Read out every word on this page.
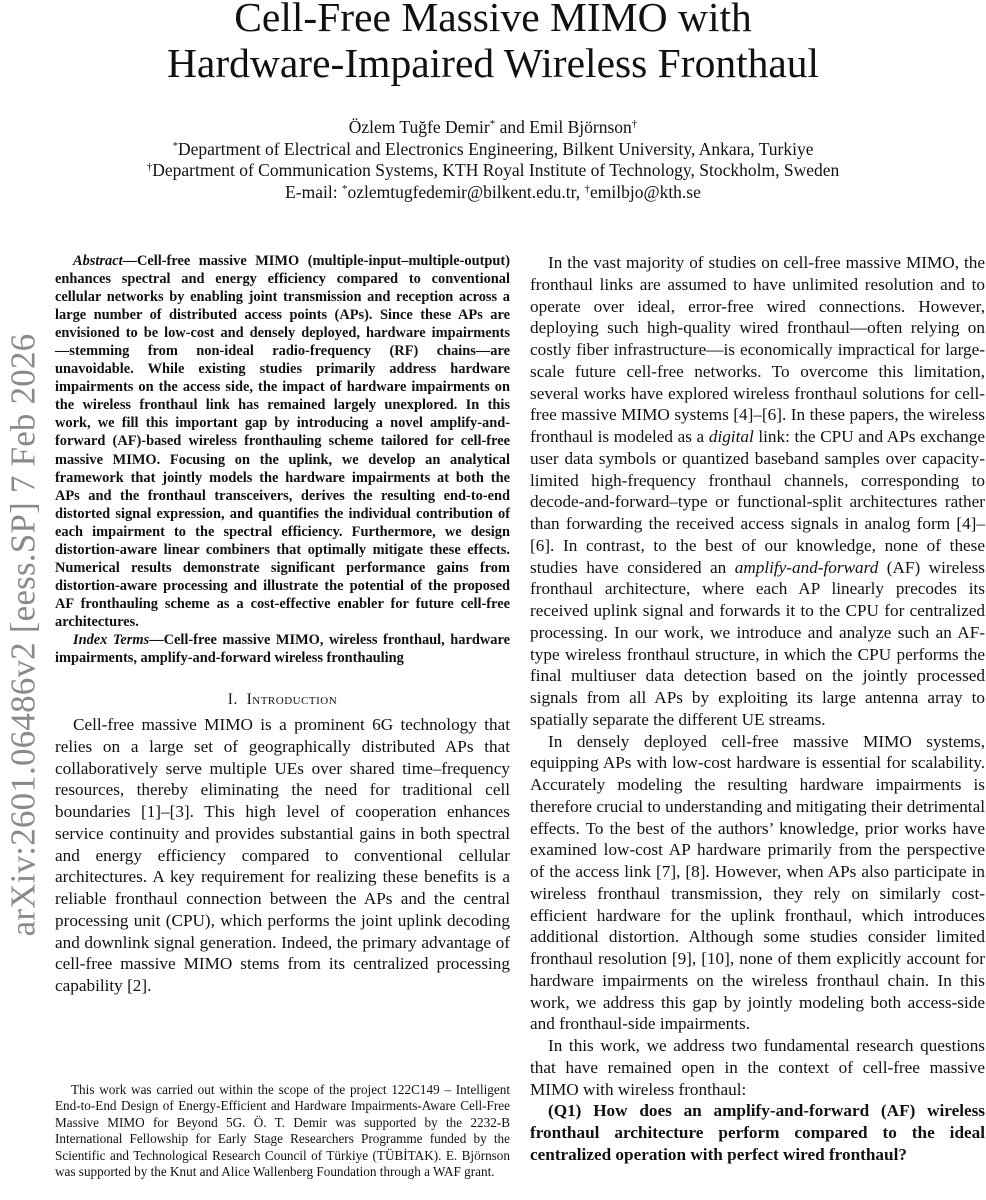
arXiv:2601.06486v2 [eess.SP] 7 Feb 2026
Cell-Free Massive MIMO with
Hardware-Impaired Wireless Fronthaul
Özlem Tuğfe Demir* and Emil Björnson†
*Department of Electrical and Electronics Engineering, Bilkent University, Ankara, Turkiye
†Department of Communication Systems, KTH Royal Institute of Technology, Stockholm, Sweden
E-mail: *ozlemtugfedemir@bilkent.edu.tr, †emilbjo@kth.se

Abstract—Cell-free massive MIMO (multiple-input–multiple-output) enhances spectral and energy efficiency compared to conventional cellular networks by enabling joint transmission and reception across a large number of distributed access points (APs). Since these APs are envisioned to be low-cost and densely deployed, hardware impairments—stemming from non-ideal radio-frequency (RF) chains—are unavoidable. While existing studies primarily address hardware impairments on the access side, the impact of hardware impairments on the wireless fronthaul link has remained largely unexplored. In this work, we fill this important gap by introducing a novel amplify-and-forward (AF)-based wireless fronthauling scheme tailored for cell-free massive MIMO. Focusing on the uplink, we develop an analytical framework that jointly models the hardware impairments at both the APs and the fronthaul transceivers, derives the resulting end-to-end distorted signal expression, and quantifies the individual contribution of each impairment to the spectral efficiency. Furthermore, we design distortion-aware linear combiners that optimally mitigate these effects. Numerical results demonstrate significant performance gains from distortion-aware processing and illustrate the potential of the proposed AF fronthauling scheme as a cost-effective enabler for future cell-free architectures.

Index Terms—Cell-free massive MIMO, wireless fronthaul, hardware impairments, amplify-and-forward wireless fronthauling

I. Introduction

Cell-free massive MIMO is a prominent 6G technology that relies on a large set of geographically distributed APs that collaboratively serve multiple UEs over shared time–frequency resources, thereby eliminating the need for traditional cell boundaries [1]–[3]. This high level of cooperation enhances service continuity and provides substantial gains in both spectral and energy efficiency compared to conventional cellular architectures. A key requirement for realizing these benefits is a reliable fronthaul connection between the APs and the central processing unit (CPU), which performs the joint uplink decoding and downlink signal generation. Indeed, the primary advantage of cell-free massive MIMO stems from its centralized processing capability [2].

This work was carried out within the scope of the project 122C149 – Intelligent End-to-End Design of Energy-Efficient and Hardware Impairments-Aware Cell-Free Massive MIMO for Beyond 5G. Ö. T. Demir was supported by the 2232-B International Fellowship for Early Stage Researchers Programme funded by the Scientific and Technological Research Council of Türkiye (TÜBİTAK). E. Björnson was supported by the Knut and Alice Wallenberg Foundation through a WAF grant.

In the vast majority of studies on cell-free massive MIMO, the fronthaul links are assumed to have unlimited resolution and to operate over ideal, error-free wired connections. However, deploying such high-quality wired fronthaul—often relying on costly fiber infrastructure—is economically impractical for large-scale future cell-free networks. To overcome this limitation, several works have explored wireless fronthaul solutions for cell-free massive MIMO systems [4]–[6]. In these papers, the wireless fronthaul is modeled as a digital link: the CPU and APs exchange user data symbols or quantized baseband samples over capacity-limited high-frequency fronthaul channels, corresponding to decode-and-forward–type or functional-split architectures rather than forwarding the received access signals in analog form [4]–[6]. In contrast, to the best of our knowledge, none of these studies have considered an amplify-and-forward (AF) wireless fronthaul architecture, where each AP linearly precodes its received uplink signal and forwards it to the CPU for centralized processing. In our work, we introduce and analyze such an AF-type wireless fronthaul structure, in which the CPU performs the final multiuser data detection based on the jointly processed signals from all APs by exploiting its large antenna array to spatially separate the different UE streams.

In densely deployed cell-free massive MIMO systems, equipping APs with low-cost hardware is essential for scalability. Accurately modeling the resulting hardware impairments is therefore crucial to understanding and mitigating their detrimental effects. To the best of the authors’ knowledge, prior works have examined low-cost AP hardware primarily from the perspective of the access link [7], [8]. However, when APs also participate in wireless fronthaul transmission, they rely on similarly cost-efficient hardware for the uplink fronthaul, which introduces additional distortion. Although some studies consider limited fronthaul resolution [9], [10], none of them explicitly account for hardware impairments on the wireless fronthaul chain. In this work, we address this gap by jointly modeling both access-side and fronthaul-side impairments.

In this work, we address two fundamental research questions that have remained open in the context of cell-free massive MIMO with wireless fronthaul:

(Q1) How does an amplify-and-forward (AF) wireless fronthaul architecture perform compared to the ideal centralized operation with perfect wired fronthaul?
